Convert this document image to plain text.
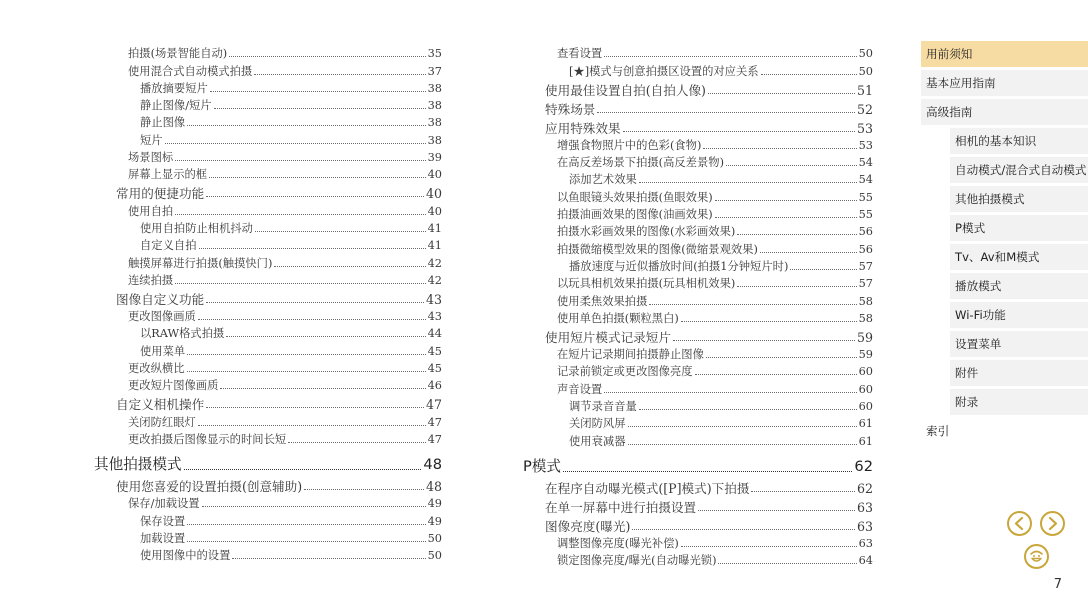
拍摄(场景智能自动)	35
使用混合式自动模式拍摄	37
播放摘要短片	38
静止图像/短片	38
静止图像	38
短片	38
场景图标	39
屏幕上显示的框	40
常用的便捷功能	40
使用自拍	40
使用自拍防止相机抖动	41
自定义自拍	41
触摸屏幕进行拍摄(触摸快门)	42
连续拍摄	42
图像自定义功能	43
更改图像画质	43
以RAW格式拍摄	44
使用菜单	45
更改纵横比	45
更改短片图像画质	46
自定义相机操作	47
关闭防红眼灯	47
更改拍摄后图像显示的时间长短	47
其他拍摄模式	48
使用您喜爱的设置拍摄(创意辅助)	48
保存/加载设置	49
保存设置	49
加载设置	50
使用图像中的设置	50
查看设置	50
[★]模式与创意拍摄区设置的对应关系	50
使用最佳设置自拍(自拍人像)	51
特殊场景	52
应用特殊效果	53
增强食物照片中的色彩(食物)	53
在高反差场景下拍摄(高反差景物)	54
添加艺术效果	54
以鱼眼镜头效果拍摄(鱼眼效果)	55
拍摄油画效果的图像(油画效果)	55
拍摄水彩画效果的图像(水彩画效果)	56
拍摄微缩模型效果的图像(微缩景观效果)	56
播放速度与近似播放时间(拍摄1分钟短片时)	57
以玩具相机效果拍摄(玩具相机效果)	57
使用柔焦效果拍摄	58
使用单色拍摄(颗粒黑白)	58
使用短片模式记录短片	59
在短片记录期间拍摄静止图像	59
记录前锁定或更改图像亮度	60
声音设置	60
调节录音音量	60
关闭防风屏	61
使用衰减器	61
P模式	62
在程序自动曝光模式([P]模式)下拍摄	62
在单一屏幕中进行拍摄设置	63
图像亮度(曝光)	63
调整图像亮度(曝光补偿)	63
锁定图像亮度/曝光(自动曝光锁)	64
用前须知
基本应用指南
高级指南
相机的基本知识
自动模式/混合式自动模式
其他拍摄模式
P模式
Tv、Av和M模式
播放模式
Wi-Fi功能
设置菜单
附件
附录
索引
7
